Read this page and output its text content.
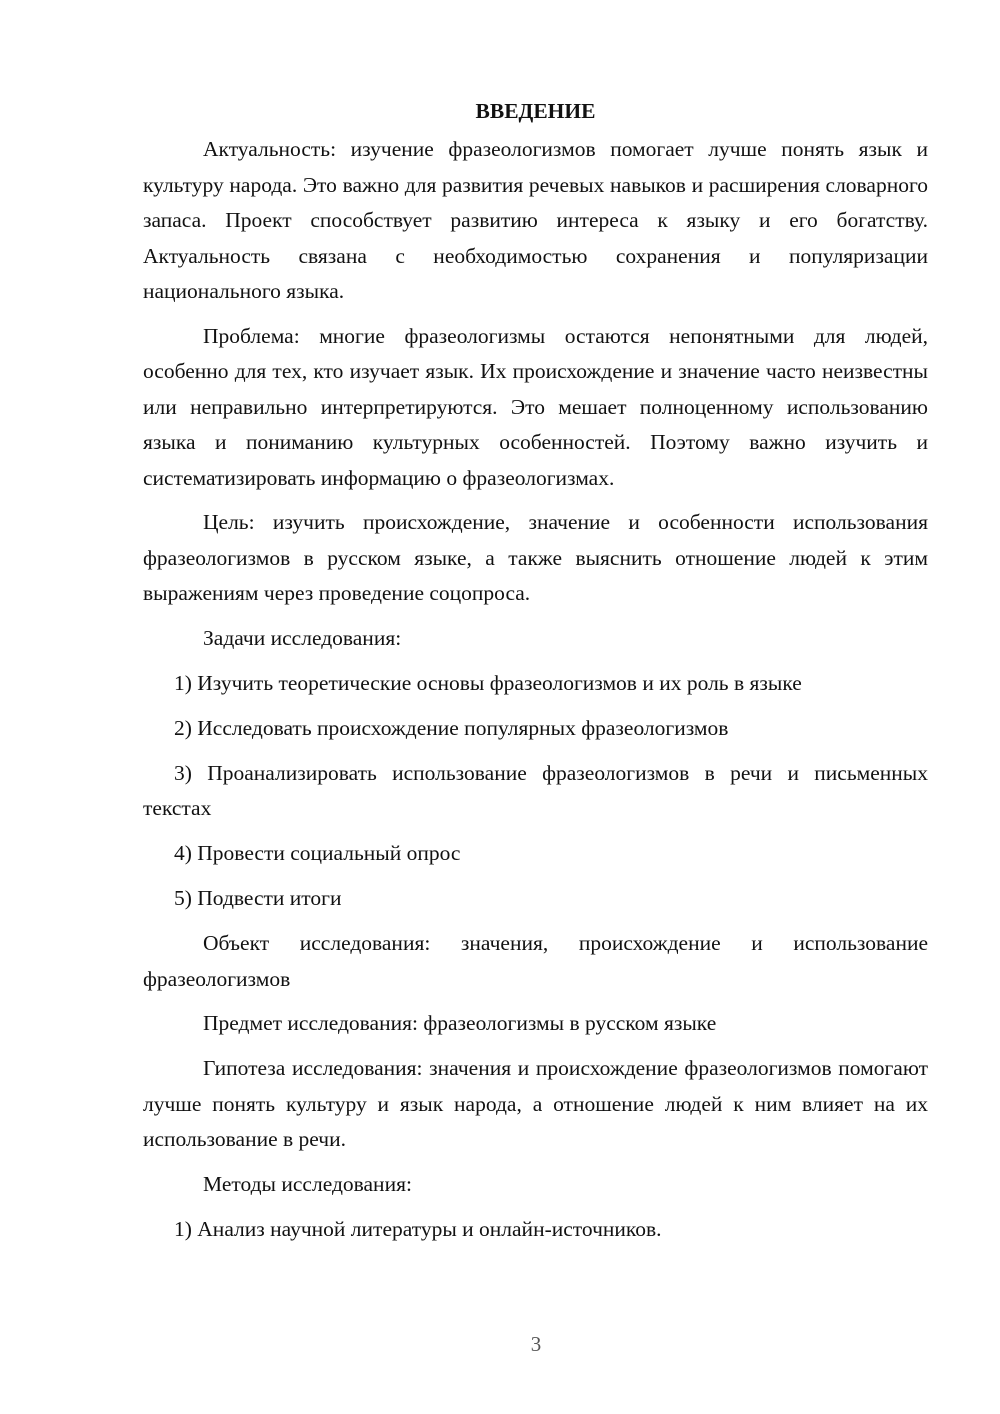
ВВЕДЕНИЕ

Актуальность: изучение фразеологизмов помогает лучше понять язык и культуру народа. Это важно для развития речевых навыков и расширения словарного запаса. Проект способствует развитию интереса к языку и его богатству. Актуальность связана с необходимостью сохранения и популяризации национального языка.

Проблема: многие фразеологизмы остаются непонятными для людей, особенно для тех, кто изучает язык. Их происхождение и значение часто неизвестны или неправильно интерпретируются. Это мешает полноценному использованию языка и пониманию культурных особенностей. Поэтому важно изучить и систематизировать информацию о фразеологизмах.

Цель: изучить происхождение, значение и особенности использования фразеологизмов в русском языке, а также выяснить отношение людей к этим выражениям через проведение соцопроса.

Задачи исследования:

1) Изучить теоретические основы фразеологизмов и их роль в языке

2) Исследовать происхождение популярных фразеологизмов

3) Проанализировать использование фразеологизмов в речи и письменных текстах

4) Провести социальный опрос

5) Подвести итоги

Объект исследования: значения, происхождение и использование фразеологизмов

Предмет исследования: фразеологизмы в русском языке

Гипотеза исследования: значения и происхождение фразеологизмов помогают лучше понять культуру и язык народа, а отношение людей к ним влияет на их использование в речи.

Методы исследования:

1) Анализ научной литературы и онлайн-источников.

3
